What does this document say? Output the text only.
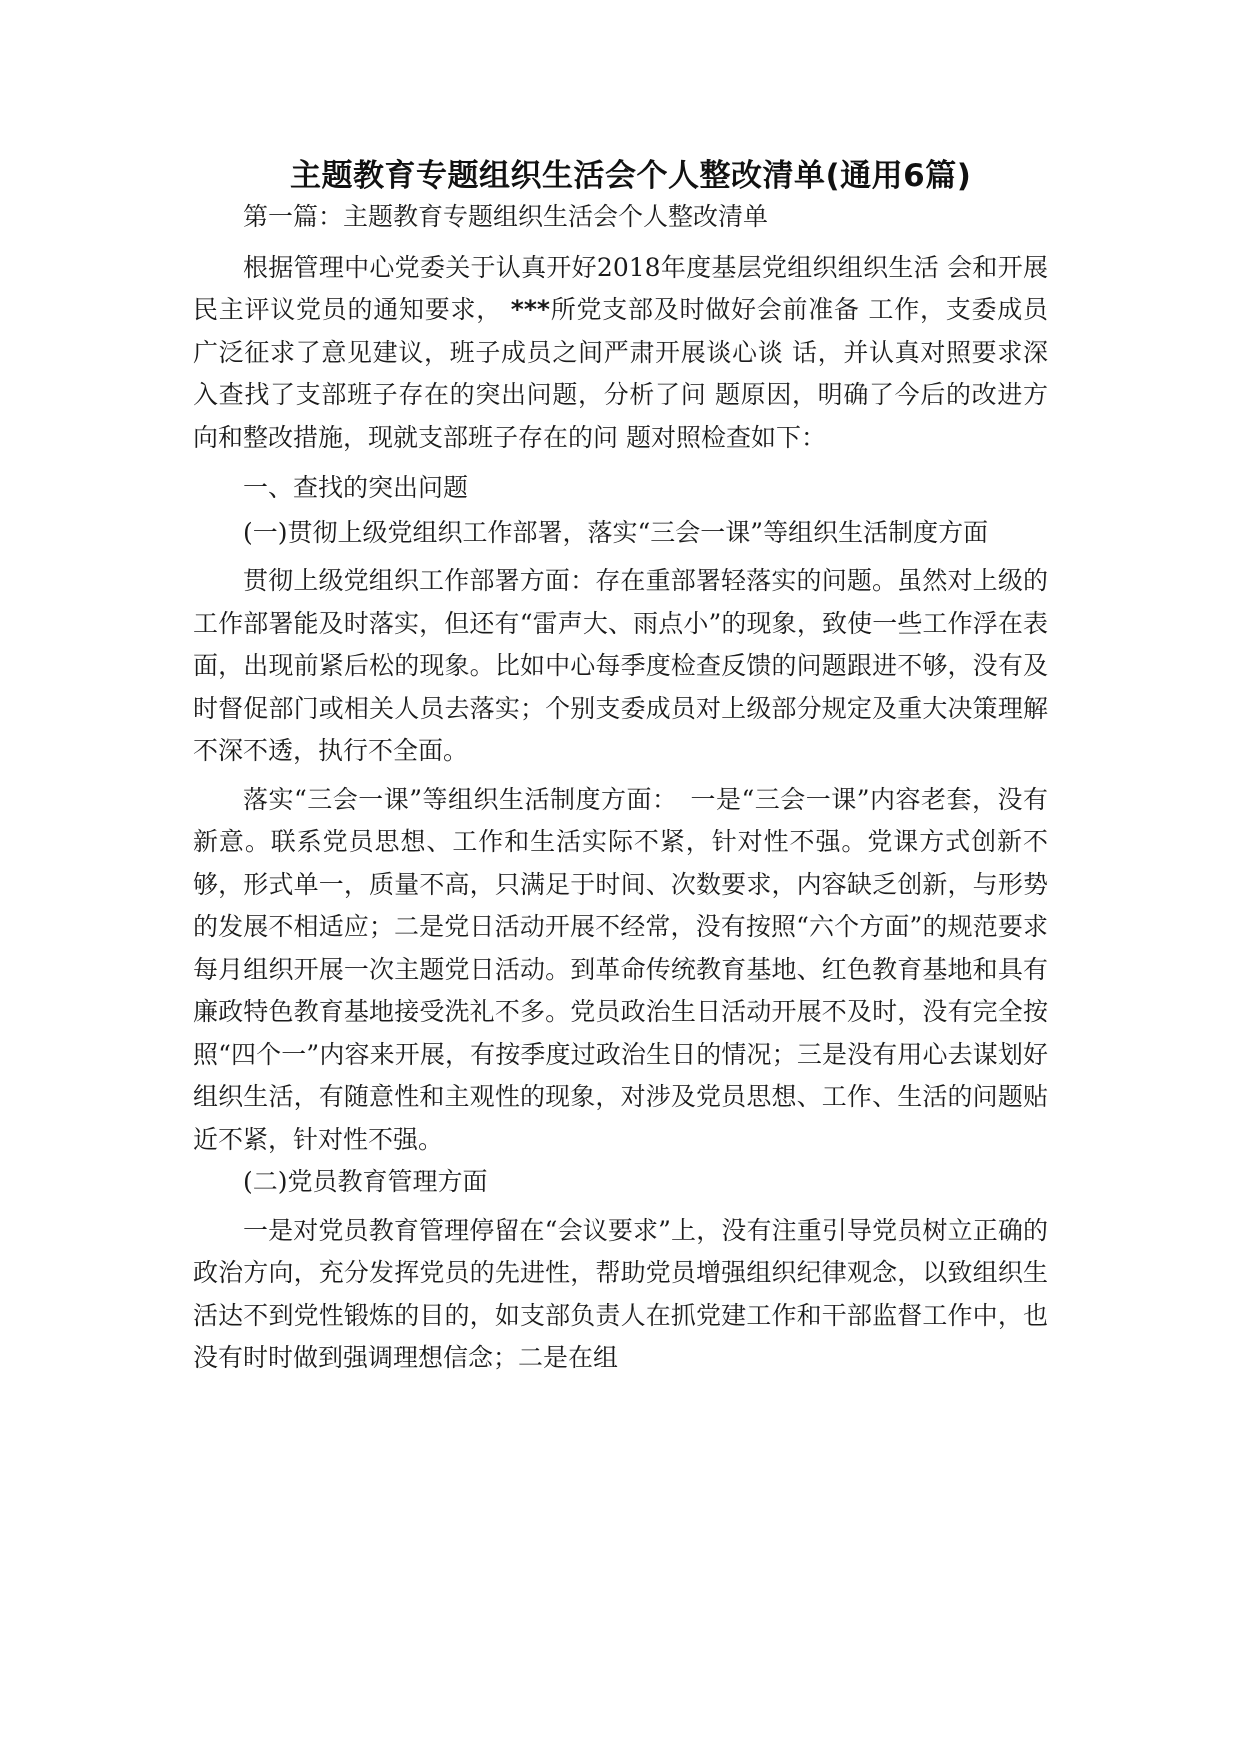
主题教育专题组织生活会个人整改清单(通用6篇)

第一篇：主题教育专题组织生活会个人整改清单

根据管理中心党委关于认真开好2018年度基层党组织组织生活 会和开展民主评议党员的通知要求， ***所党支部及时做好会前准备 工作，支委成员广泛征求了意见建议，班子成员之间严肃开展谈心谈 话，并认真对照要求深入查找了支部班子存在的突出问题，分析了问 题原因，明确了今后的改进方向和整改措施，现就支部班子存在的问 题对照检查如下：

一、查找的突出问题

(一)贯彻上级党组织工作部署，落实“三会一课”等组织生活制度方面

贯彻上级党组织工作部署方面：存在重部署轻落实的问题。虽然对上级的工作部署能及时落实，但还有“雷声大、雨点小”的现象，致使一些工作浮在表面，出现前紧后松的现象。比如中心每季度检查反馈的问题跟进不够，没有及时督促部门或相关人员去落实；个别支委成员对上级部分规定及重大决策理解不深不透，执行不全面。

落实“三会一课”等组织生活制度方面：　一是“三会一课”内容老套，没有新意。联系党员思想、工作和生活实际不紧，针对性不强。党课方式创新不够，形式单一，质量不高，只满足于时间、次数要求，内容缺乏创新，与形势的发展不相适应；二是党日活动开展不经常，没有按照“六个方面”的规范要求每月组织开展一次主题党日活动。到革命传统教育基地、红色教育基地和具有廉政特色教育基地接受洗礼不多。党员政治生日活动开展不及时，没有完全按照“四个一”内容来开展，有按季度过政治生日的情况；三是没有用心去谋划好组织生活，有随意性和主观性的现象，对涉及党员思想、工作、生活的问题贴近不紧，针对性不强。

(二)党员教育管理方面

一是对党员教育管理停留在“会议要求”上，没有注重引导党员树立正确的政治方向，充分发挥党员的先进性，帮助党员增强组织纪律观念，以致组织生活达不到党性锻炼的目的，如支部负责人在抓党建工作和干部监督工作中，也没有时时做到强调理想信念；二是在组
